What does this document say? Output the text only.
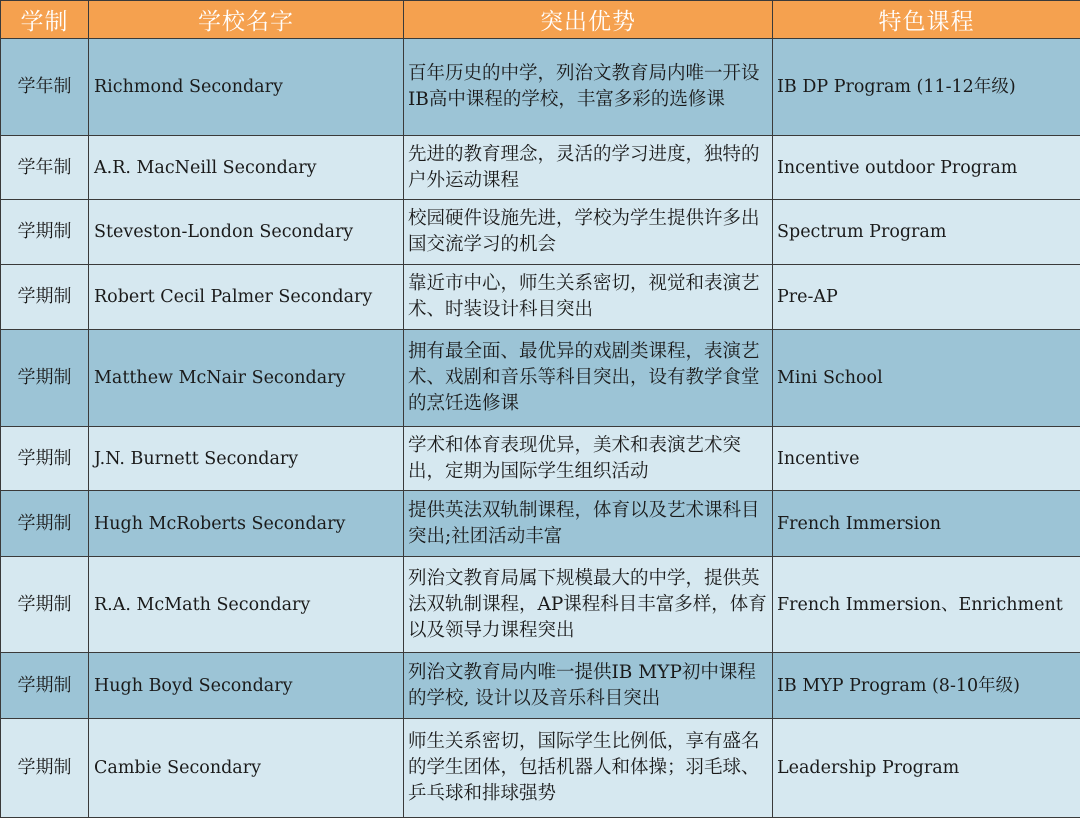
学制	学校名字	突出优势	特色课程
学年制	Richmond Secondary	百年历史的中学，列治文教育局内唯一开设IB高中课程的学校，丰富多彩的选修课	IB DP Program (11-12年级)
学年制	A.R. MacNeill Secondary	先进的教育理念，灵活的学习进度，独特的户外运动课程	Incentive outdoor Program
学期制	Steveston-London Secondary	校园硬件设施先进，学校为学生提供许多出国交流学习的机会	Spectrum Program
学期制	Robert Cecil Palmer Secondary	靠近市中心，师生关系密切，视觉和表演艺术、时装设计科目突出	Pre-AP
学期制	Matthew McNair Secondary	拥有最全面、最优异的戏剧类课程，表演艺术、戏剧和音乐等科目突出，设有教学食堂的烹饪选修课	Mini School
学期制	J.N. Burnett Secondary	学术和体育表现优异，美术和表演艺术突出，定期为国际学生组织活动	Incentive
学期制	Hugh McRoberts Secondary	提供英法双轨制课程，体育以及艺术课科目突出;社团活动丰富	French Immersion
学期制	R.A. McMath Secondary	列治文教育局属下规模最大的中学，提供英法双轨制课程，AP课程科目丰富多样，体育以及领导力课程突出	French Immersion、Enrichment
学期制	Hugh Boyd Secondary	列治文教育局内唯一提供IB MYP初中课程的学校, 设计以及音乐科目突出	IB MYP Program (8-10年级)
学期制	Cambie Secondary	师生关系密切，国际学生比例低，享有盛名的学生团体，包括机器人和体操；羽毛球、乒乓球和排球强势	Leadership Program
